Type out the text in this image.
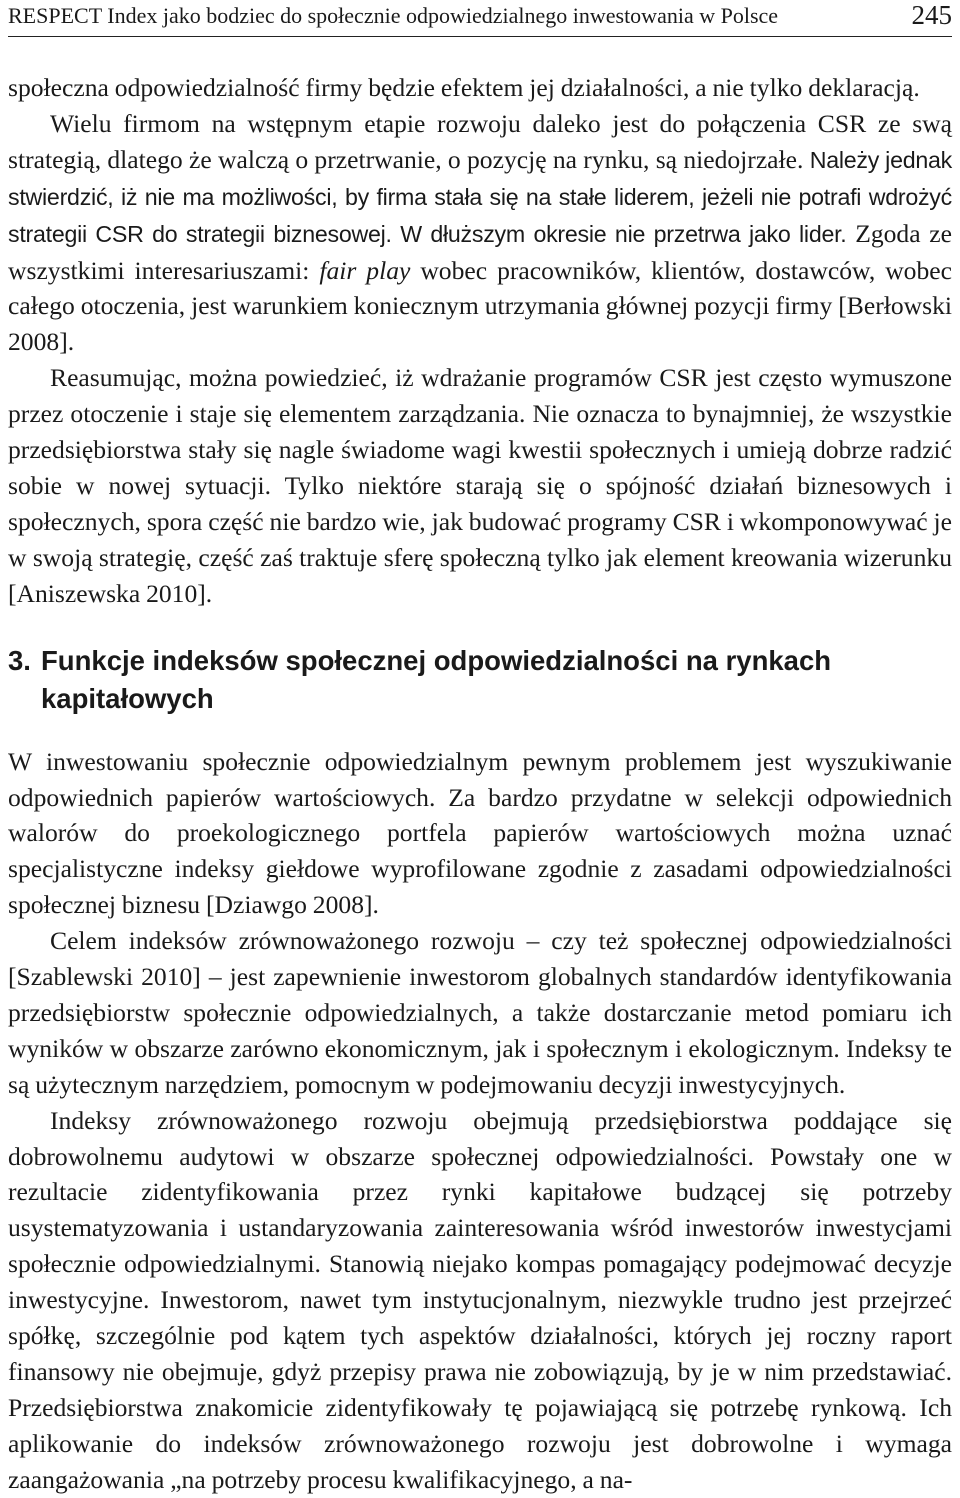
RESPECT Index jako bodziec do społecznie odpowiedzialnego inwestowania w Polsce	245

społeczna odpowiedzialność firmy będzie efektem jej działalności, a nie tylko deklaracją.

Wielu firmom na wstępnym etapie rozwoju daleko jest do połączenia CSR ze swą strategią, dlatego że walczą o przetrwanie, o pozycję na rynku, są niedojrzałe. Należy jednak stwierdzić, iż nie ma możliwości, by firma stała się na stałe liderem, jeżeli nie potrafi wdrożyć strategii CSR do strategii biznesowej. W dłuższym okresie nie przetrwa jako lider. Zgoda ze wszystkimi interesariuszami: fair play wobec pracowników, klientów, dostawców, wobec całego otoczenia, jest warunkiem koniecznym utrzymania głównej pozycji firmy [Berłowski 2008].

Reasumując, można powiedzieć, iż wdrażanie programów CSR jest często wymuszone przez otoczenie i staje się elementem zarządzania. Nie oznacza to bynajmniej, że wszystkie przedsiębiorstwa stały się nagle świadome wagi kwestii społecznych i umieją dobrze radzić sobie w nowej sytuacji. Tylko niektóre starają się o spójność działań biznesowych i społecznych, spora część nie bardzo wie, jak budować programy CSR i wkomponowywać je w swoją strategię, część zaś traktuje sferę społeczną tylko jak element kreowania wizerunku [Aniszewska 2010].

3. Funkcje indeksów społecznej odpowiedzialności na rynkach kapitałowych

W inwestowaniu społecznie odpowiedzialnym pewnym problemem jest wyszukiwanie odpowiednich papierów wartościowych. Za bardzo przydatne w selekcji odpowiednich walorów do proekologicznego portfela papierów wartościowych można uznać specjalistyczne indeksy giełdowe wyprofilowane zgodnie z zasadami odpowiedzialności społecznej biznesu [Dziawgo 2008].

Celem indeksów zrównoważonego rozwoju – czy też społecznej odpowiedzialności [Szablewski 2010] – jest zapewnienie inwestorom globalnych standardów identyfikowania przedsiębiorstw społecznie odpowiedzialnych, a także dostarczanie metod pomiaru ich wyników w obszarze zarówno ekonomicznym, jak i społecznym i ekologicznym. Indeksy te są użytecznym narzędziem, pomocnym w podejmowaniu decyzji inwestycyjnych.

Indeksy zrównoważonego rozwoju obejmują przedsiębiorstwa poddające się dobrowolnemu audytowi w obszarze społecznej odpowiedzialności. Powstały one w rezultacie zidentyfikowania przez rynki kapitałowe budzącej się potrzeby usystematyzowania i ustandaryzowania zainteresowania wśród inwestorów inwestycjami społecznie odpowiedzialnymi. Stanowią niejako kompas pomagający podejmować decyzje inwestycyjne. Inwestorom, nawet tym instytucjonalnym, niezwykle trudno jest przejrzeć spółkę, szczególnie pod kątem tych aspektów działalności, których jej roczny raport finansowy nie obejmuje, gdyż przepisy prawa nie zobowiązują, by je w nim przedstawiać. Przedsiębiorstwa znakomicie zidentyfikowały tę pojawiającą się potrzebę rynkową. Ich aplikowanie do indeksów zrównoważonego rozwoju jest dobrowolne i wymaga zaangażowania „na potrzeby procesu kwalifikacyjnego, a na-
